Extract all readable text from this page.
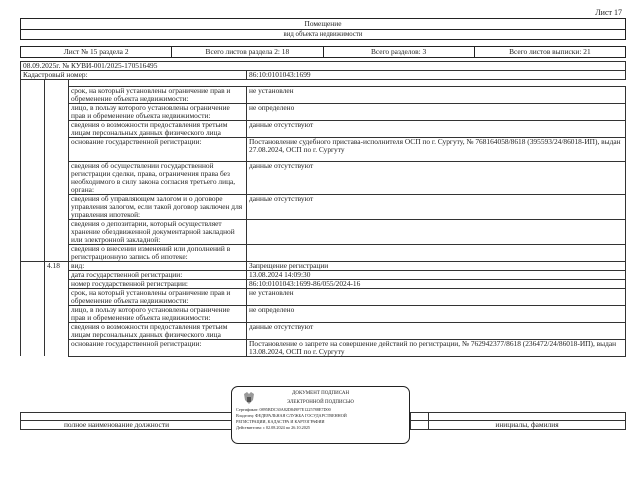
Лист 17
Помещение
вид объекта недвижимости
Лист № 15 раздела 2	Всего листов раздела 2: 18	Всего разделов: 3	Всего листов выписки: 21
08.09.2025г. № КУВИ-001/2025-170516495
Кадастровый номер:	86:10:0101043:1699

		срок, на который установлены ограничение прав и обременение объекта недвижимости:	не установлен
		лицо, в пользу которого установлены ограничение прав и обременение объекта недвижимости:	не определено
		сведения о возможности предоставления третьим лицам персональных данных физического лица	данные отсутствуют
		основание государственной регистрации:	Постановление судебного пристава-исполнителя ОСП по г. Сургуту, № 768164058/8618 (395593/24/86018-ИП), выдан 27.08.2024, ОСП по г. Сургуту
		сведения об осуществлении государственной регистрации сделки, права, ограничения права без необходимого в силу закона согласия третьего лица, органа:	данные отсутствуют
		сведения об управляющем залогом и о договоре управления залогом, если такой договор заключен для управления ипотекой:	данные отсутствуют
		сведения о депозитарии, который осуществляет хранение обездвиженной документарной закладной или электронной закладной:	
		сведения о внесении изменений или дополнений в регистрационную запись об ипотеке:	
	4.18	вид:	Запрещение регистрации
		дата государственной регистрации:	13.08.2024 14:09:30
		номер государственной регистрации:	86:10:0101043:1699-86/055/2024-16
		срок, на который установлены ограничение прав и обременение объекта недвижимости:	не установлен
		лицо, в пользу которого установлены ограничение прав и обременение объекта недвижимости:	не определено
		сведения о возможности предоставления третьим лицам персональных данных физического лица	данные отсутствуют
		основание государственной регистрации:	Постановление о запрете на совершение действий по регистрации, № 762942377/8618 (236472/24/86018-ИП), выдан 13.08.2024, ОСП по г. Сургуту

полное наименование должности		инициалы, фамилия
ДОКУМЕНТ ПОДПИСАН
ЭЛЕКТРОННОЙ ПОДПИСЬЮ
Сертификат: 0895BDC30A82D849F7E1225788E7D00
Владелец: ФЕДЕРАЛЬНАЯ СЛУЖБА ГОСУДАРСТВЕННОЙ
РЕГИСТРАЦИИ, КАДАСТРА И КАРТОГРАФИИ
Действителен: с 02.08.2024 по 26.10.2025
